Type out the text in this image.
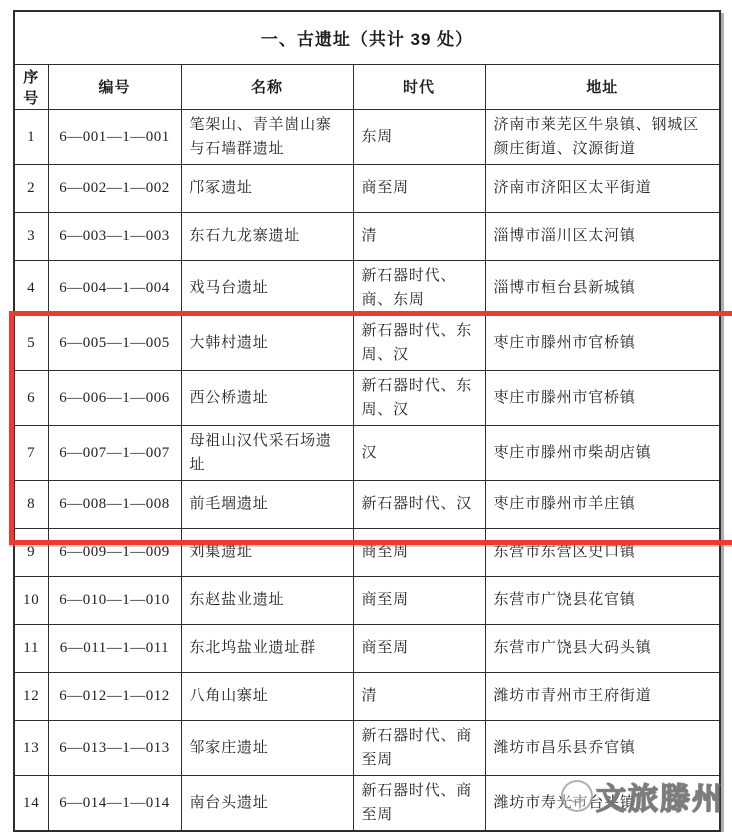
一、古遗址（共计 39 处）				
序号	编号	名称	时代	地址
1	6—001—1—001	笔架山、青羊崮山寨与石墙群遗址	东周	济南市莱芜区牛泉镇、钢城区颜庄街道、汶源街道
2	6—002—1—002	邝冢遗址	商至周	济南市济阳区太平街道
3	6—003—1—003	东石九龙寨遗址	清	淄博市淄川区太河镇
4	6—004—1—004	戏马台遗址	新石器时代、商、东周	淄博市桓台县新城镇
5	6—005—1—005	大韩村遗址	新石器时代、东周、汉	枣庄市滕州市官桥镇
6	6—006—1—006	西公桥遗址	新石器时代、东周、汉	枣庄市滕州市官桥镇
7	6—007—1—007	母祖山汉代采石场遗址	汉	枣庄市滕州市柴胡店镇
8	6—008—1—008	前毛堌遗址	新石器时代、汉	枣庄市滕州市羊庄镇
9	6—009—1—009	刘集遗址	商至周	东营市东营区史口镇
10	6—010—1—010	东赵盐业遗址	商至周	东营市广饶县花官镇
11	6—011—1—011	东北坞盐业遗址群	商至周	东营市广饶县大码头镇
12	6—012—1—012	八角山寨址	清	潍坊市青州市王府街道
13	6—013—1—013	邹家庄遗址	新石器时代、商至周	潍坊市昌乐县乔官镇
14	6—014—1—014	南台头遗址	新石器时代、商至周	潍坊市寿光市台头镇
